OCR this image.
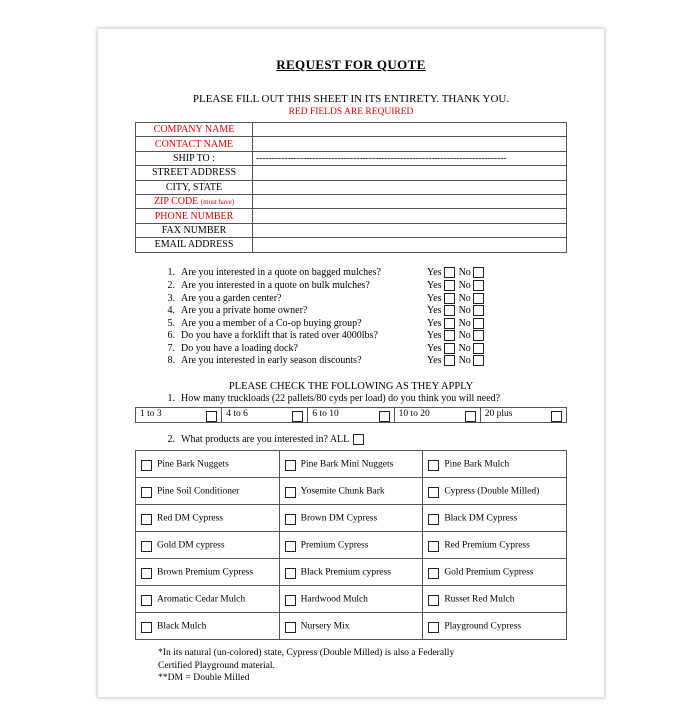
REQUEST FOR QUOTE
PLEASE FILL OUT THIS SHEET IN ITS ENTIRETY. THANK YOU.
RED FIELDS ARE REQUIRED
COMPANY NAME	
CONTACT NAME	
SHIP TO :	--------------------------------------------------------------------------------
STREET ADDRESS	
CITY, STATE	
ZIP CODE (must have)	
PHONE NUMBER	
FAX NUMBER	
EMAIL ADDRESS	
1. Are you interested in a quote on bagged mulches?	Yes No
2. Are you interested in a quote on bulk mulches?	Yes No
3. Are you a garden center?	Yes No
4. Are you a private home owner?	Yes No
5. Are you a member of a Co-op buying group?	Yes No
6. Do you have a forklift that is rated over 4000lbs?	Yes No
7. Do you have a loading dock?	Yes No
8. Are you interested in early season discounts?	Yes No
PLEASE CHECK THE FOLLOWING AS THEY APPLY
1. How many truckloads (22 pallets/80 cyds per load) do you think you will need?
1 to 3	4 to 6	6 to 10	10 to 20	20 plus
2. What products are you interested in? ALL
Pine Bark Nuggets	Pine Bark Mini Nuggets	Pine Bark Mulch
Pine Soil Conditioner	Yosemite Chunk Bark	Cypress (Double Milled)
Red DM Cypress	Brown DM Cypress	Black DM Cypress
Gold DM cypress	Premium Cypress	Red Premium Cypress
Brown Premium Cypress	Black Premium cypress	Gold Premium Cypress
Aromatic Cedar Mulch	Hardwood Mulch	Russet Red Mulch
Black Mulch	Nursery Mix	Playground Cypress
*In its natural (un-colored) state, Cypress (Double Milled) is also a Federally
Certified Playground material.
**DM = Double Milled
